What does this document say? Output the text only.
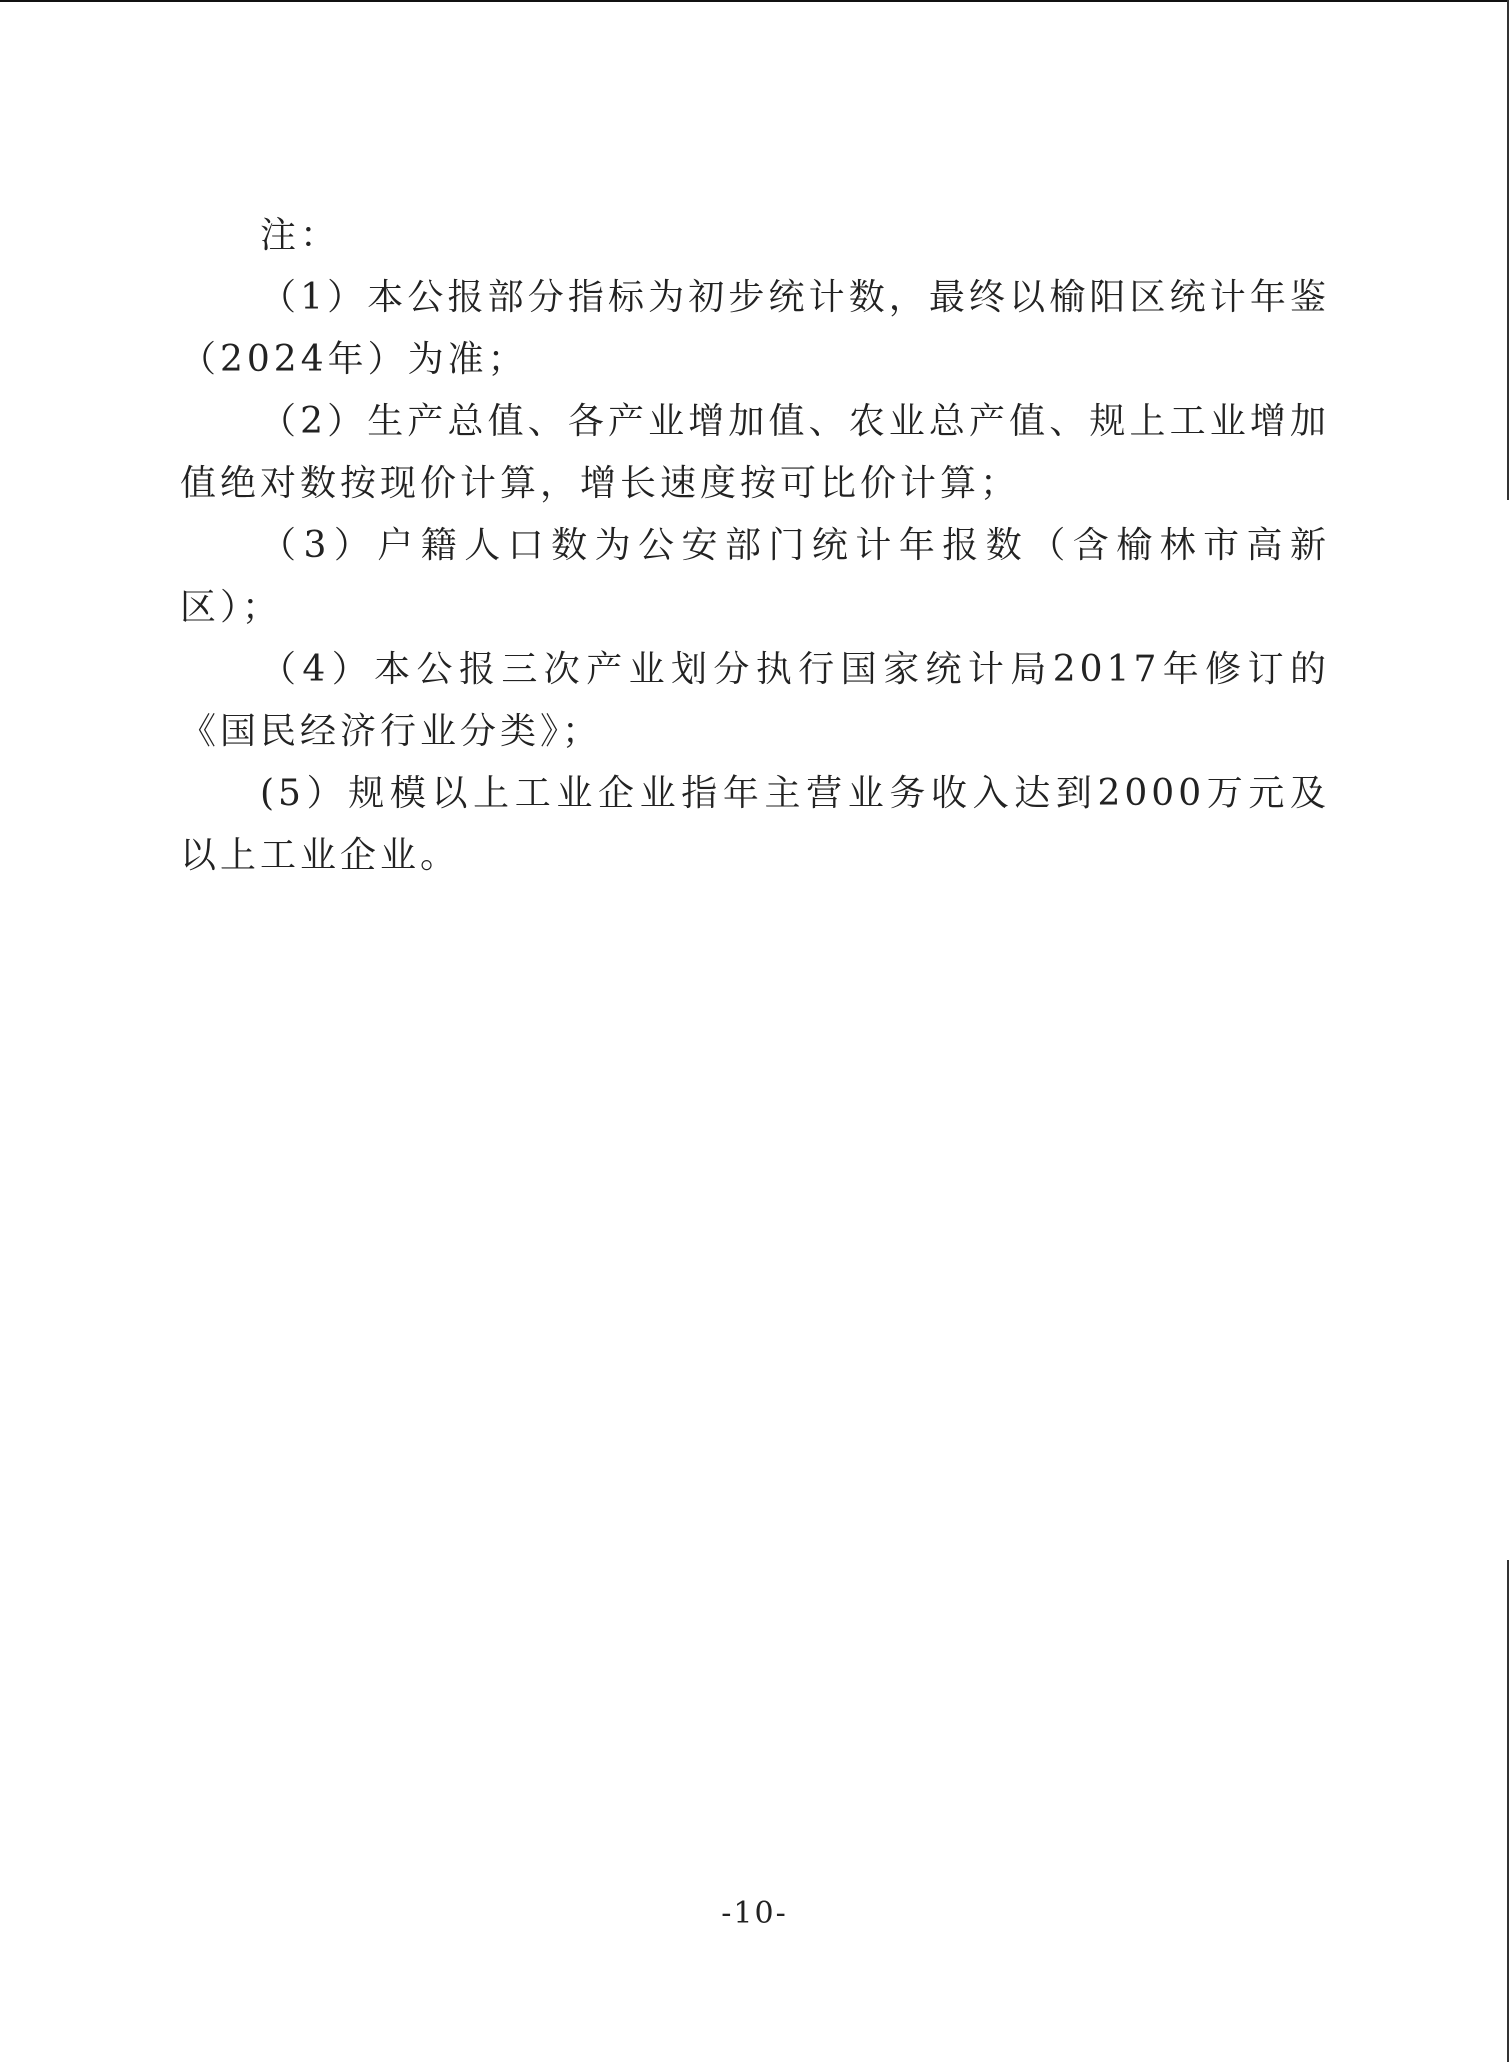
注：

（1）本公报部分指标为初步统计数，最终以榆阳区统计年鉴（2024年）为准；

（2）生产总值、各产业增加值、农业总产值、规上工业增加值绝对数按现价计算，增长速度按可比价计算；

（3）户籍人口数为公安部门统计年报数（含榆林市高新区）；

（4）本公报三次产业划分执行国家统计局2017年修订的《国民经济行业分类》；

(5）规模以上工业企业指年主营业务收入达到2000万元及以上工业企业。

-10-
